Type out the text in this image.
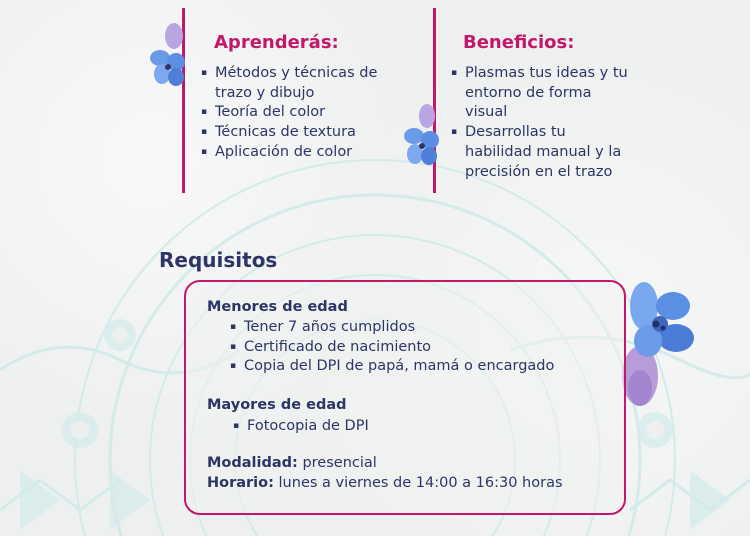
Aprenderás:
▪ Métodos y técnicas de
trazo y dibujo
▪ Teoría del color
▪ Técnicas de textura
▪ Aplicación de color
Beneficios:
▪ Plasmas tus ideas y tu
entorno de forma
visual
▪ Desarrollas tu
habilidad manual y la
precisión en el trazo
Requisitos
Menores de edad
▪ Tener 7 años cumplidos
▪ Certificado de nacimiento
▪ Copia del DPI de papá, mamá o encargado
Mayores de edad
▪ Fotocopia de DPI
Modalidad: presencial
Horario: lunes a viernes de 14:00 a 16:30 horas
